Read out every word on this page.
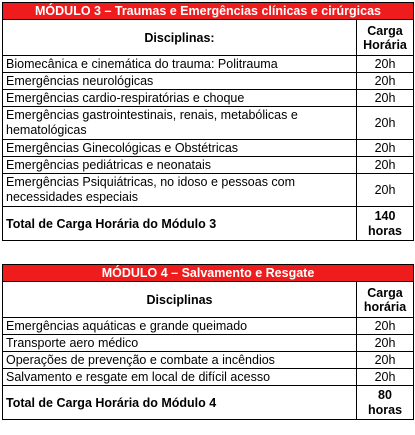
MÓDULO 3 – Traumas e Emergências clínicas e cirúrgicas	
Disciplinas:	Carga
Horária
Biomecânica e cinemática do trauma: Politrauma	20h
Emergências neurológicas	20h
Emergências cardio-respiratórias e choque	20h
Emergências gastrointestinais, renais, metabólicas e hematológicas	20h
Emergências Ginecológicas e Obstétricas	20h
Emergências pediátricas e neonatais	20h
Emergências Psiquiátricas, no idoso e pessoas com necessidades especiais	20h
Total de Carga Horária do Módulo 3	140
horas
MÓDULO 4 – Salvamento e Resgate	
Disciplinas	Carga
horária
Emergências aquáticas e grande queimado	20h
Transporte aero médico	20h
Operações de prevenção e combate a incêndios	20h
Salvamento e resgate em local de difícil acesso	20h
Total de Carga Horária do Módulo 4	80
horas
